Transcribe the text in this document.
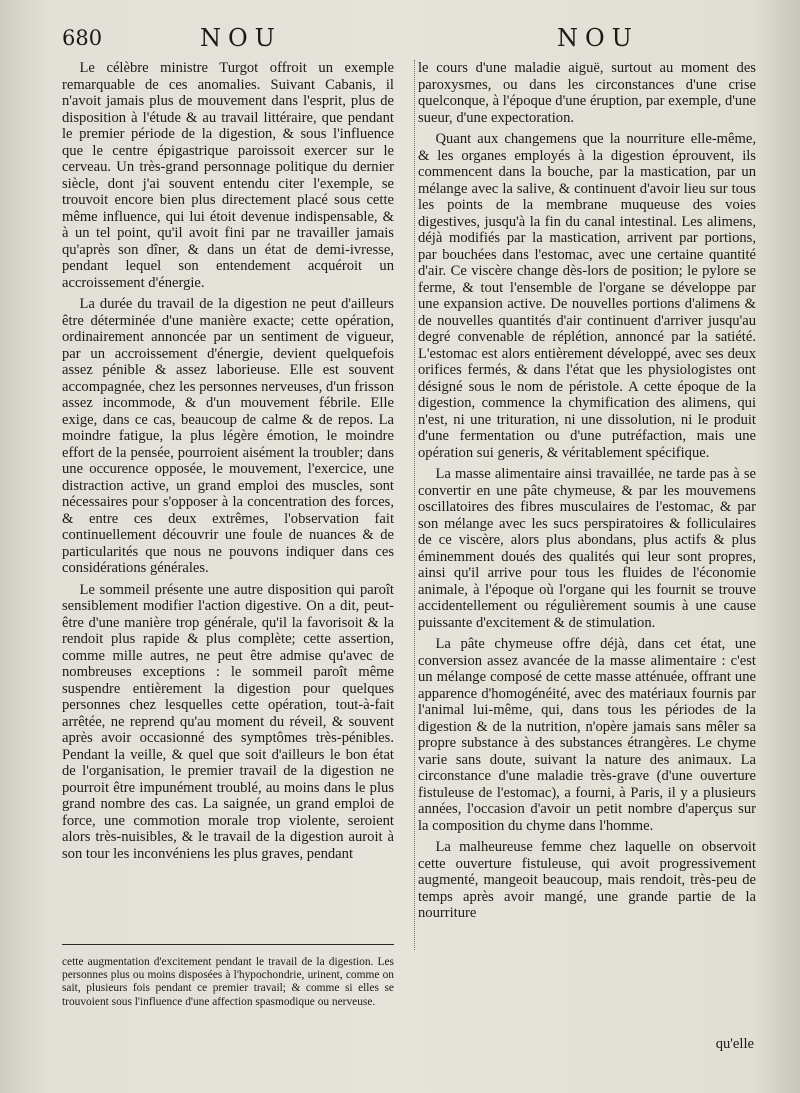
680	NOU	NOU

Le célèbre ministre Turgot offroit un exemple remarquable de ces anomalies. Suivant Cabanis, il n'avoit jamais plus de mouvement dans l'esprit, plus de disposition à l'étude & au travail littéraire, que pendant le premier période de la digestion, & sous l'influence que le centre épigastrique paroissoit exercer sur le cerveau. Un très-grand personnage politique du dernier siècle, dont j'ai souvent entendu citer l'exemple, se trouvoit encore bien plus directement placé sous cette même influence, qui lui étoit devenue indispensable, & à un tel point, qu'il avoit fini par ne travailler jamais qu'après son dîner, & dans un état de demi-ivresse, pendant lequel son entendement acquéroit un accroissement d'énergie.

La durée du travail de la digestion ne peut d'ailleurs être déterminée d'une manière exacte; cette opération, ordinairement annoncée par un sentiment de vigueur, par un accroissement d'énergie, devient quelquefois assez pénible & assez laborieuse. Elle est souvent accompagnée, chez les personnes nerveuses, d'un frisson assez incommode, & d'un mouvement fébrile. Elle exige, dans ce cas, beaucoup de calme & de repos. La moindre fatigue, la plus légère émotion, le moindre effort de la pensée, pourroient aisément la troubler; dans une occurence opposée, le mouvement, l'exercice, une distraction active, un grand emploi des muscles, sont nécessaires pour s'opposer à la concentration des forces, & entre ces deux extrêmes, l'observation fait continuellement découvrir une foule de nuances & de particularités que nous ne pouvons indiquer dans ces considérations générales.

Le sommeil présente une autre disposition qui paroît sensiblement modifier l'action digestive. On a dit, peut-être d'une manière trop générale, qu'il la favorisoit & la rendoit plus rapide & plus complète; cette assertion, comme mille autres, ne peut être admise qu'avec de nombreuses exceptions : le sommeil paroît même suspendre entièrement la digestion pour quelques personnes chez lesquelles cette opération, tout-à-fait arrêtée, ne reprend qu'au moment du réveil, & souvent après avoir occasionné des symptômes très-pénibles. Pendant la veille, & quel que soit d'ailleurs le bon état de l'organisation, le premier travail de la digestion ne pourroit être impunément troublé, au moins dans le plus grand nombre des cas. La saignée, un grand emploi de force, une commotion morale trop violente, seroient alors très-nuisibles, & le travail de la digestion auroit à son tour les inconvéniens les plus graves, pendant

le cours d'une maladie aiguë, surtout au moment des paroxysmes, ou dans les circonstances d'une crise quelconque, à l'époque d'une éruption, par exemple, d'une sueur, d'une expectoration.

Quant aux changemens que la nourriture elle-même, & les organes employés à la digestion éprouvent, ils commencent dans la bouche, par la mastication, par un mélange avec la salive, & continuent d'avoir lieu sur tous les points de la membrane muqueuse des voies digestives, jusqu'à la fin du canal intestinal. Les alimens, déjà modifiés par la mastication, arrivent par portions, par bouchées dans l'estomac, avec une certaine quantité d'air. Ce viscère change dès-lors de position; le pylore se ferme, & tout l'ensemble de l'organe se développe par une expansion active. De nouvelles portions d'alimens & de nouvelles quantités d'air continuent d'arriver jusqu'au degré convenable de réplétion, annoncé par la satiété. L'estomac est alors entièrement développé, avec ses deux orifices fermés, & dans l'état que les physiologistes ont désigné sous le nom de péristole. A cette époque de la digestion, commence la chymification des alimens, qui n'est, ni une trituration, ni une dissolution, ni le produit d'une fermentation ou d'une putréfaction, mais une opération sui generis, & véritablement spécifique.

La masse alimentaire ainsi travaillée, ne tarde pas à se convertir en une pâte chymeuse, & par les mouvemens oscillatoires des fibres musculaires de l'estomac, & par son mélange avec les sucs perspiratoires & folliculaires de ce viscère, alors plus abondans, plus actifs & plus éminemment doués des qualités qui leur sont propres, ainsi qu'il arrive pour tous les fluides de l'économie animale, à l'époque où l'organe qui les fournit se trouve accidentellement ou régulièrement soumis à une cause puissante d'excitement & de stimulation.

La pâte chymeuse offre déjà, dans cet état, une conversion assez avancée de la masse alimentaire : c'est un mélange composé de cette masse atténuée, offrant une apparence d'homogénéité, avec des matériaux fournis par l'animal lui-même, qui, dans tous les périodes de la digestion & de la nutrition, n'opère jamais sans mêler sa propre substance à des substances étrangères. Le chyme varie sans doute, suivant la nature des animaux. La circonstance d'une maladie très-grave (d'une ouverture fistuleuse de l'estomac), a fourni, à Paris, il y a plusieurs années, l'occasion d'avoir un petit nombre d'aperçus sur la composition du chyme dans l'homme.

La malheureuse femme chez laquelle on observoit cette ouverture fistuleuse, qui avoit progressivement augmenté, mangeoit beaucoup, mais rendoit, très-peu de temps après avoir mangé, une grande partie de la nourriture

cette augmentation d'excitement pendant le travail de la digestion. Les personnes plus ou moins disposées à l'hypochondrie, urinent, comme on sait, plusieurs fois pendant ce premier travail; & comme si elles se trouvoient sous l'influence d'une affection spasmodique ou nerveuse.

qu'elle
